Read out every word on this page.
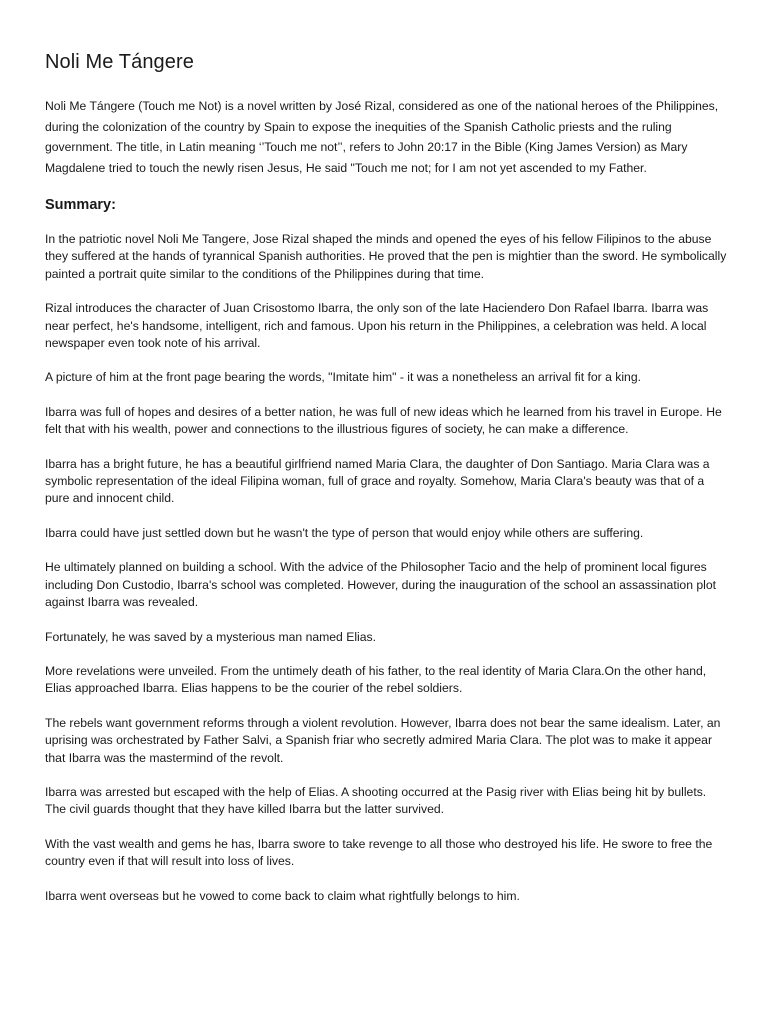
Noli Me Tángere

Noli Me Tángere (Touch me Not) is a novel written by José Rizal, considered as one of the national heroes of the Philippines, during the colonization of the country by Spain to expose the inequities of the Spanish Catholic priests and the ruling government. The title, in Latin meaning ‘’Touch me not’’, refers to John 20:17 in the Bible (King James Version) as Mary Magdalene tried to touch the newly risen Jesus, He said "Touch me not; for I am not yet ascended to my Father.

Summary:

In the patriotic novel Noli Me Tangere, Jose Rizal shaped the minds and opened the eyes of his fellow Filipinos to the abuse they suffered at the hands of tyrannical Spanish authorities. He proved that the pen is mightier than the sword. He symbolically painted a portrait quite similar to the conditions of the Philippines during that time.

Rizal introduces the character of Juan Crisostomo Ibarra, the only son of the late Haciendero Don Rafael Ibarra. Ibarra was near perfect, he's handsome, intelligent, rich and famous. Upon his return in the Philippines, a celebration was held. A local newspaper even took note of his arrival.

A picture of him at the front page bearing the words, "Imitate him" - it was a nonetheless an arrival fit for a king.

Ibarra was full of hopes and desires of a better nation, he was full of new ideas which he learned from his travel in Europe. He felt that with his wealth, power and connections to the illustrious figures of society, he can make a difference.

Ibarra has a bright future, he has a beautiful girlfriend named Maria Clara, the daughter of Don Santiago. Maria Clara was a symbolic representation of the ideal Filipina woman, full of grace and royalty. Somehow, Maria Clara's beauty was that of a pure and innocent child.

Ibarra could have just settled down but he wasn't the type of person that would enjoy while others are suffering.

He ultimately planned on building a school. With the advice of the Philosopher Tacio and the help of prominent local figures including Don Custodio, Ibarra's school was completed. However, during the inauguration of the school an assassination plot against Ibarra was revealed.

Fortunately, he was saved by a mysterious man named Elias.

More revelations were unveiled. From the untimely death of his father, to the real identity of Maria Clara.On the other hand, Elias approached Ibarra. Elias happens to be the courier of the rebel soldiers.

The rebels want government reforms through a violent revolution. However, Ibarra does not bear the same idealism. Later, an uprising was orchestrated by Father Salvi, a Spanish friar who secretly admired Maria Clara. The plot was to make it appear that Ibarra was the mastermind of the revolt.

Ibarra was arrested but escaped with the help of Elias. A shooting occurred at the Pasig river with Elias being hit by bullets. The civil guards thought that they have killed Ibarra but the latter survived.

With the vast wealth and gems he has, Ibarra swore to take revenge to all those who destroyed his life. He swore to free the country even if that will result into loss of lives.

Ibarra went overseas but he vowed to come back to claim what rightfully belongs to him.
